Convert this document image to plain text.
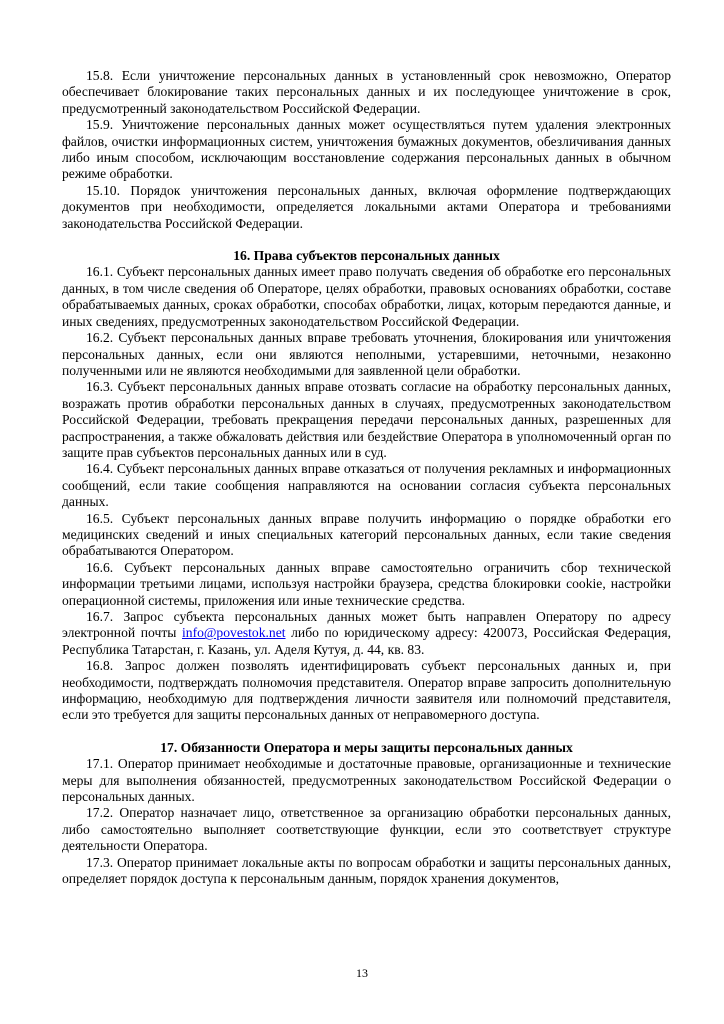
15.8. Если уничтожение персональных данных в установленный срок невозможно, Оператор обеспечивает блокирование таких персональных данных и их последующее уничтожение в срок, предусмотренный законодательством Российской Федерации.

15.9. Уничтожение персональных данных может осуществляться путем удаления электронных файлов, очистки информационных систем, уничтожения бумажных документов, обезличивания данных либо иным способом, исключающим восстановление содержания персональных данных в обычном режиме обработки.

15.10. Порядок уничтожения персональных данных, включая оформление подтверждающих документов при необходимости, определяется локальными актами Оператора и требованиями законодательства Российской Федерации.

16. Права субъектов персональных данных

16.1. Субъект персональных данных имеет право получать сведения об обработке его персональных данных, в том числе сведения об Операторе, целях обработки, правовых основаниях обработки, составе обрабатываемых данных, сроках обработки, способах обработки, лицах, которым передаются данные, и иных сведениях, предусмотренных законодательством Российской Федерации.

16.2. Субъект персональных данных вправе требовать уточнения, блокирования или уничтожения персональных данных, если они являются неполными, устаревшими, неточными, незаконно полученными или не являются необходимыми для заявленной цели обработки.

16.3. Субъект персональных данных вправе отозвать согласие на обработку персональных данных, возражать против обработки персональных данных в случаях, предусмотренных законодательством Российской Федерации, требовать прекращения передачи персональных данных, разрешенных для распространения, а также обжаловать действия или бездействие Оператора в уполномоченный орган по защите прав субъектов персональных данных или в суд.

16.4. Субъект персональных данных вправе отказаться от получения рекламных и информационных сообщений, если такие сообщения направляются на основании согласия субъекта персональных данных.

16.5. Субъект персональных данных вправе получить информацию о порядке обработки его медицинских сведений и иных специальных категорий персональных данных, если такие сведения обрабатываются Оператором.

16.6. Субъект персональных данных вправе самостоятельно ограничить сбор технической информации третьими лицами, используя настройки браузера, средства блокировки cookie, настройки операционной системы, приложения или иные технические средства.

16.7. Запрос субъекта персональных данных может быть направлен Оператору по адресу электронной почты info@povestok.net либо по юридическому адресу: 420073, Российская Федерация, Республика Татарстан, г. Казань, ул. Аделя Кутуя, д. 44, кв. 83.

16.8. Запрос должен позволять идентифицировать субъект персональных данных и, при необходимости, подтверждать полномочия представителя. Оператор вправе запросить дополнительную информацию, необходимую для подтверждения личности заявителя или полномочий представителя, если это требуется для защиты персональных данных от неправомерного доступа.

17. Обязанности Оператора и меры защиты персональных данных

17.1. Оператор принимает необходимые и достаточные правовые, организационные и технические меры для выполнения обязанностей, предусмотренных законодательством Российской Федерации о персональных данных.

17.2. Оператор назначает лицо, ответственное за организацию обработки персональных данных, либо самостоятельно выполняет соответствующие функции, если это соответствует структуре деятельности Оператора.

17.3. Оператор принимает локальные акты по вопросам обработки и защиты персональных данных, определяет порядок доступа к персональным данным, порядок хранения документов,

13
